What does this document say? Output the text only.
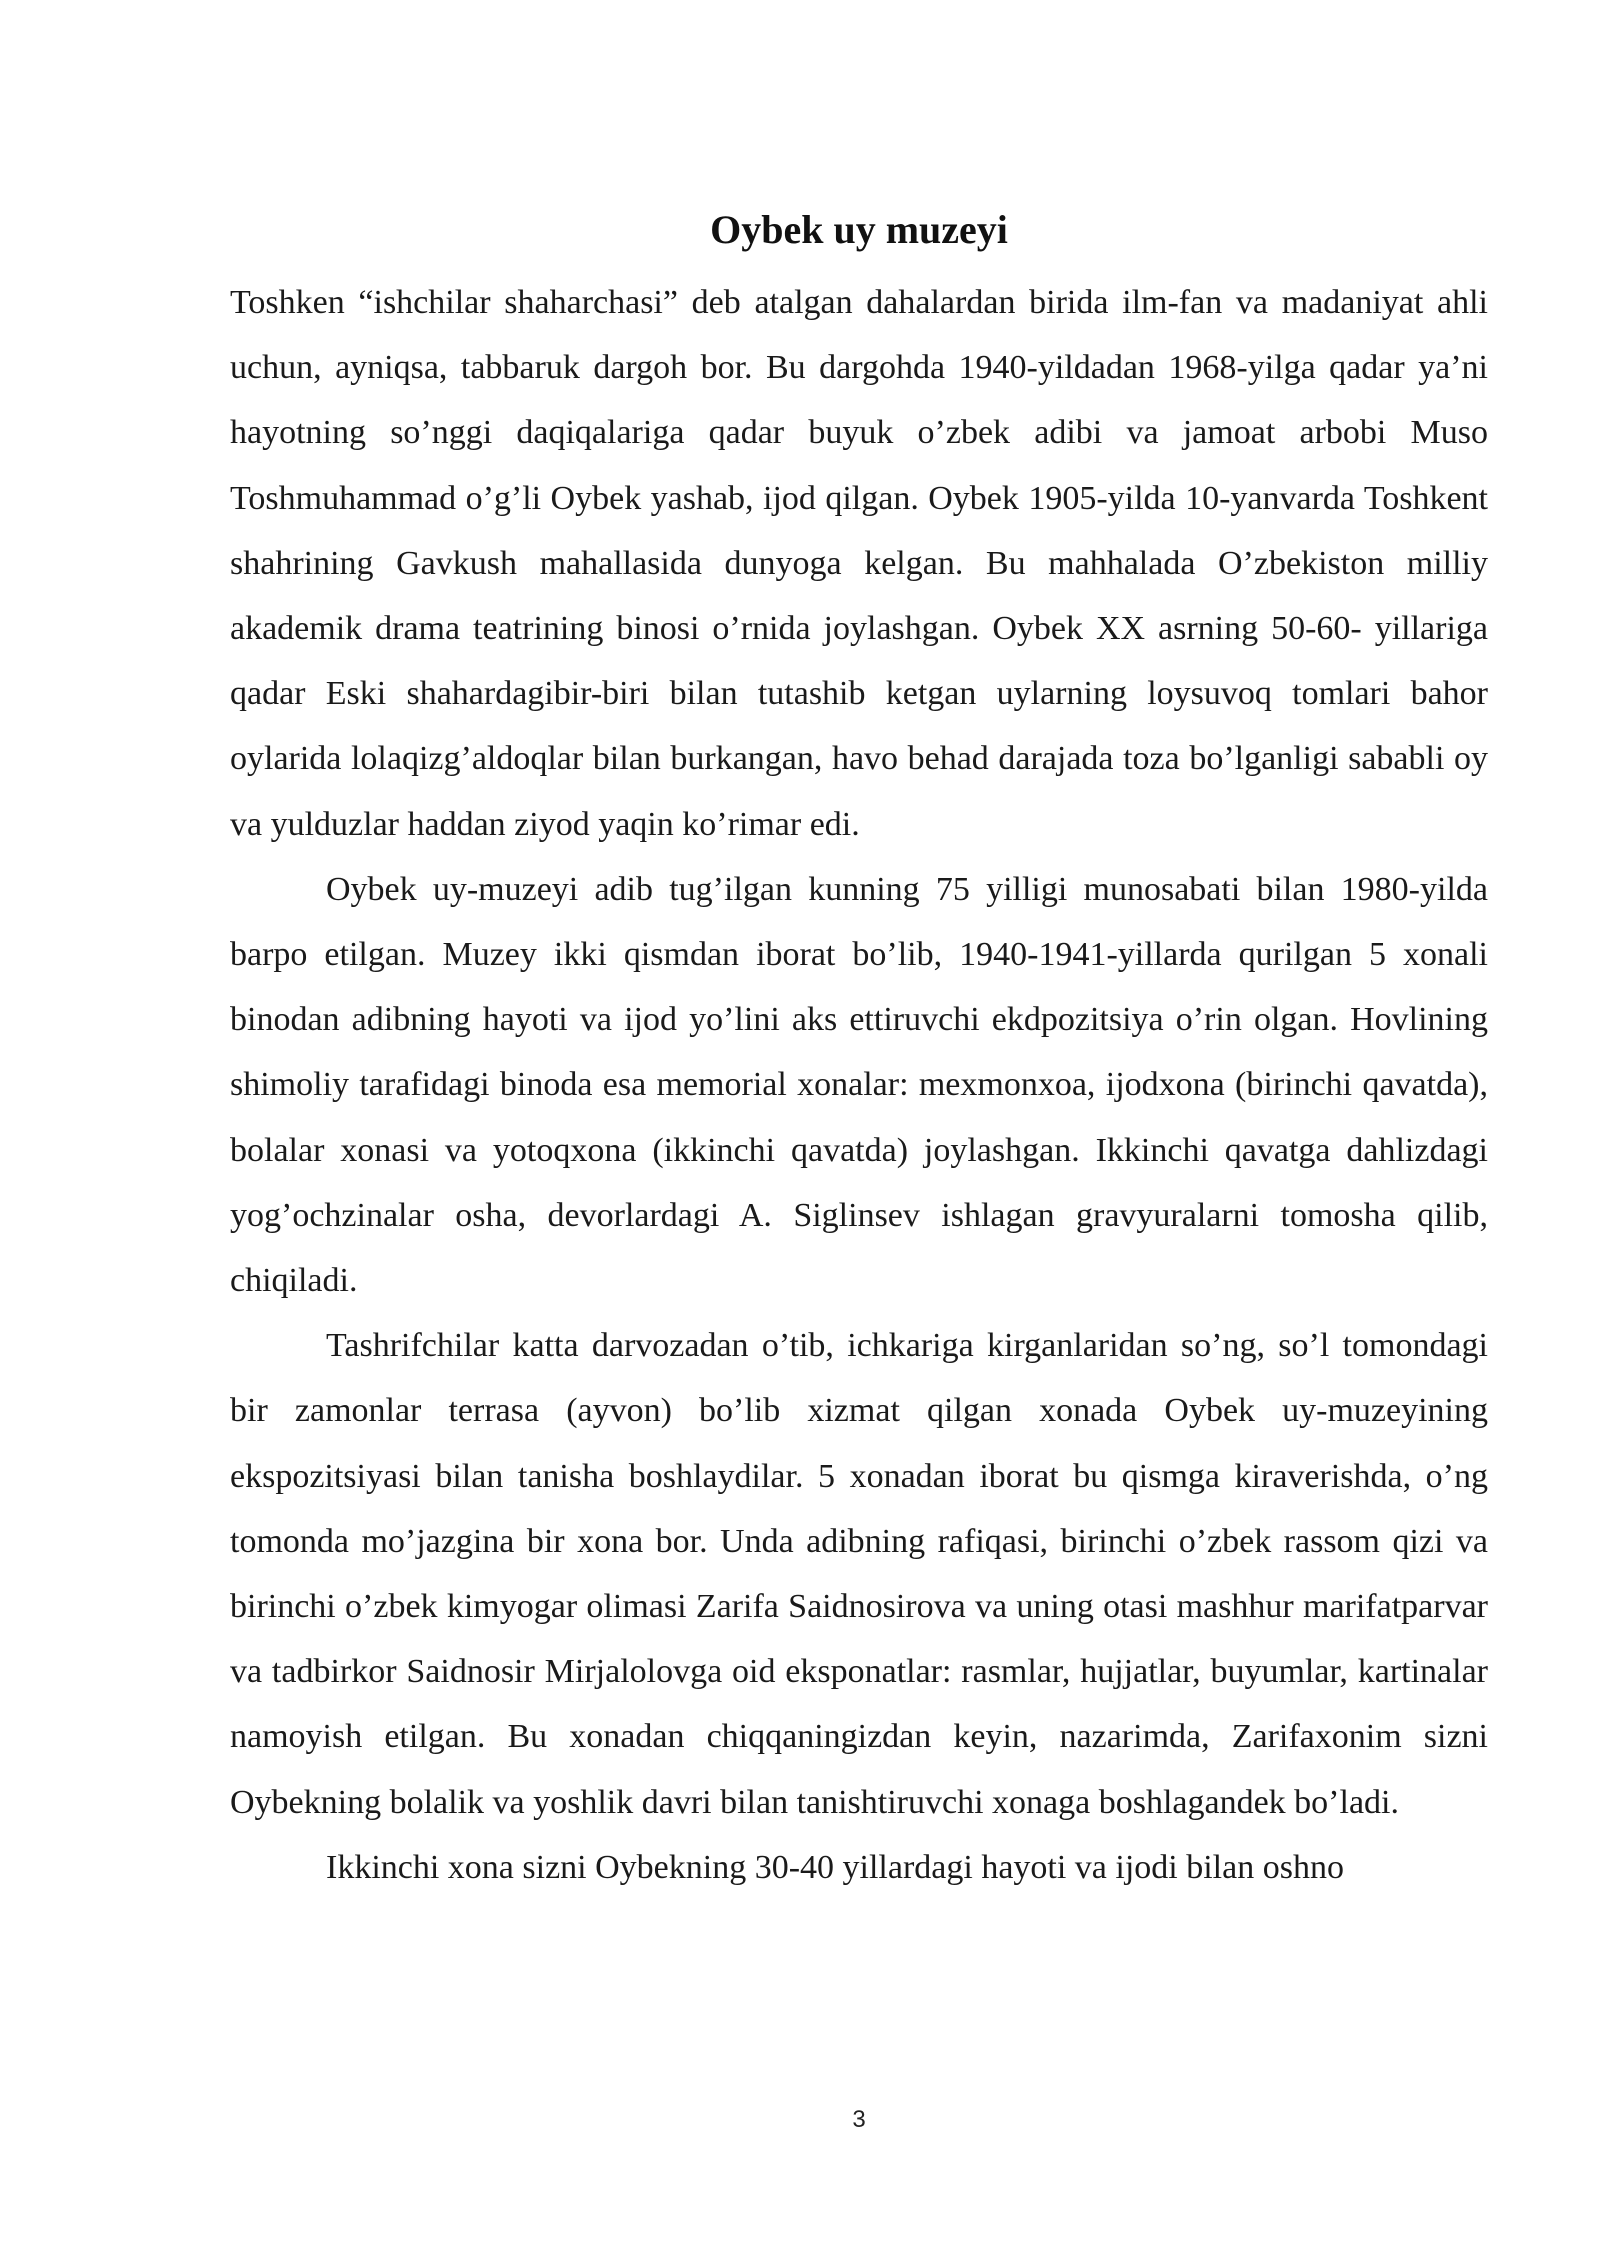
Oybek uy muzeyi

Toshken “ishchilar shaharchasi” deb atalgan dahalardan birida ilm-fan va madaniyat ahli uchun, ayniqsa, tabbaruk dargoh bor. Bu dargohda 1940-yildadan 1968-yilga qadar ya’ni hayotning so’nggi daqiqalariga qadar buyuk o’zbek adibi va jamoat arbobi Muso Toshmuhammad o’g’li Oybek yashab, ijod qilgan. Oybek 1905-yilda 10-yanvarda Toshkent shahrining Gavkush mahallasida dunyoga kelgan. Bu mahhalada O’zbekiston milliy akademik drama teatrining binosi o’rnida joylashgan. Oybek XX asrning 50-60- yillariga qadar Eski shahardagibir-biri bilan tutashib ketgan uylarning loysuvoq tomlari bahor oylarida lolaqizg’aldoqlar bilan burkangan, havo behad darajada toza bo’lganligi sababli oy va yulduzlar haddan ziyod yaqin ko’rimar edi.

Oybek uy-muzeyi adib tug’ilgan kunning 75 yilligi munosabati bilan 1980-yilda barpo etilgan. Muzey ikki qismdan iborat bo’lib, 1940-1941-yillarda qurilgan 5 xonali binodan adibning hayoti va ijod yo’lini aks ettiruvchi ekdpozitsiya o’rin olgan. Hovlining shimoliy tarafidagi binoda esa memorial xonalar: mexmonxoa, ijodxona (birinchi qavatda), bolalar xonasi va yotoqxona (ikkinchi qavatda) joylashgan. Ikkinchi qavatga dahlizdagi yog’ochzinalar osha, devorlardagi A. Siglinsev ishlagan gravyuralarni tomosha qilib, chiqiladi.

Tashrifchilar katta darvozadan o’tib, ichkariga kirganlaridan so’ng, so’l tomondagi bir zamonlar terrasa (ayvon) bo’lib xizmat qilgan xonada Oybek uy-muzeyining ekspozitsiyasi bilan tanisha boshlaydilar. 5 xonadan iborat bu qismga kiraverishda, o’ng tomonda mo’jazgina bir xona bor. Unda adibning rafiqasi, birinchi o’zbek rassom qizi va birinchi o’zbek kimyogar olimasi Zarifa Saidnosirova va uning otasi mashhur marifatparvar va tadbirkor Saidnosir Mirjalolovga oid eksponatlar: rasmlar, hujjatlar, buyumlar, kartinalar namoyish etilgan. Bu xonadan chiqqaningizdan keyin, nazarimda, Zarifaxonim sizni Oybekning bolalik va yoshlik davri bilan tanishtiruvchi xonaga boshlagandek bo’ladi.

Ikkinchi xona sizni Oybekning 30-40 yillardagi hayoti va ijodi bilan oshno

3
